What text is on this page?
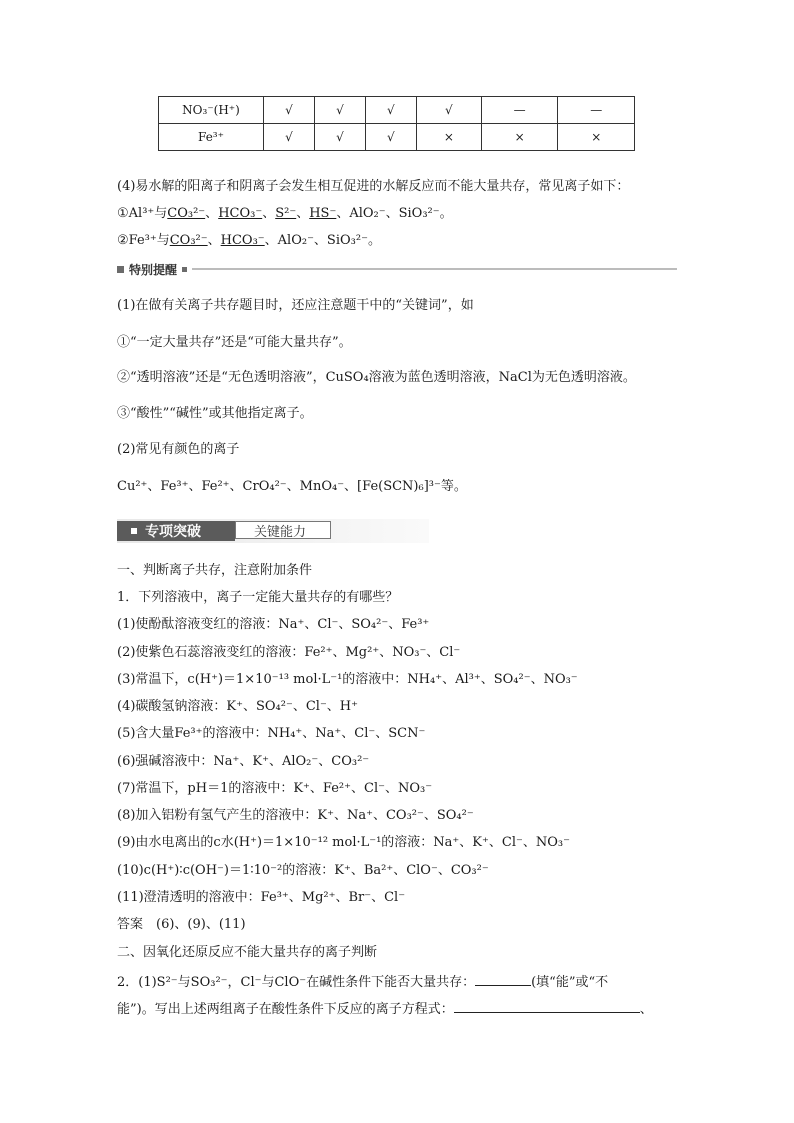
NO₃⁻(H⁺)	√	√	√	√	—	—
Fe³⁺	√	√	√	×	×	×
(4)易水解的阳离子和阴离子会发生相互促进的水解反应而不能大量共存，常见离子如下：
①Al³⁺与CO₃²⁻、HCO₃⁻、S²⁻、HS⁻、AlO₂⁻、SiO₃²⁻。
②Fe³⁺与CO₃²⁻、HCO₃⁻、AlO₂⁻、SiO₃²⁻。
特别提醒
(1)在做有关离子共存题目时，还应注意题干中的“关键词”，如
①“一定大量共存”还是“可能大量共存”。
②“透明溶液”还是“无色透明溶液”，CuSO₄溶液为蓝色透明溶液，NaCl为无色透明溶液。
③“酸性”“碱性”或其他指定离子。
(2)常见有颜色的离子
Cu²⁺、Fe³⁺、Fe²⁺、CrO₄²⁻、MnO₄⁻、[Fe(SCN)₆]³⁻等。
专项突破	关键能力
一、判断离子共存，注意附加条件
1．下列溶液中，离子一定能大量共存的有哪些？
(1)使酚酞溶液变红的溶液：Na⁺、Cl⁻、SO₄²⁻、Fe³⁺
(2)使紫色石蕊溶液变红的溶液：Fe²⁺、Mg²⁺、NO₃⁻、Cl⁻
(3)常温下，c(H⁺)＝1×10⁻¹³ mol·L⁻¹的溶液中：NH₄⁺、Al³⁺、SO₄²⁻、NO₃⁻
(4)碳酸氢钠溶液：K⁺、SO₄²⁻、Cl⁻、H⁺
(5)含大量Fe³⁺的溶液中：NH₄⁺、Na⁺、Cl⁻、SCN⁻
(6)强碱溶液中：Na⁺、K⁺、AlO₂⁻、CO₃²⁻
(7)常温下，pH＝1的溶液中：K⁺、Fe²⁺、Cl⁻、NO₃⁻
(8)加入铝粉有氢气产生的溶液中：K⁺、Na⁺、CO₃²⁻、SO₄²⁻
(9)由水电离出的c水(H⁺)＝1×10⁻¹² mol·L⁻¹的溶液：Na⁺、K⁺、Cl⁻、NO₃⁻
(10)c(H⁺)∶c(OH⁻)＝1∶10⁻²的溶液：K⁺、Ba²⁺、ClO⁻、CO₃²⁻
(11)澄清透明的溶液中：Fe³⁺、Mg²⁺、Br⁻、Cl⁻
答案　(6)、(9)、(11)
二、因氧化还原反应不能大量共存的离子判断
2．(1)S²⁻与SO₃²⁻，Cl⁻与ClO⁻在碱性条件下能否大量共存：	(填“能”或“不
能”)。写出上述两组离子在酸性条件下反应的离子方程式：	、
